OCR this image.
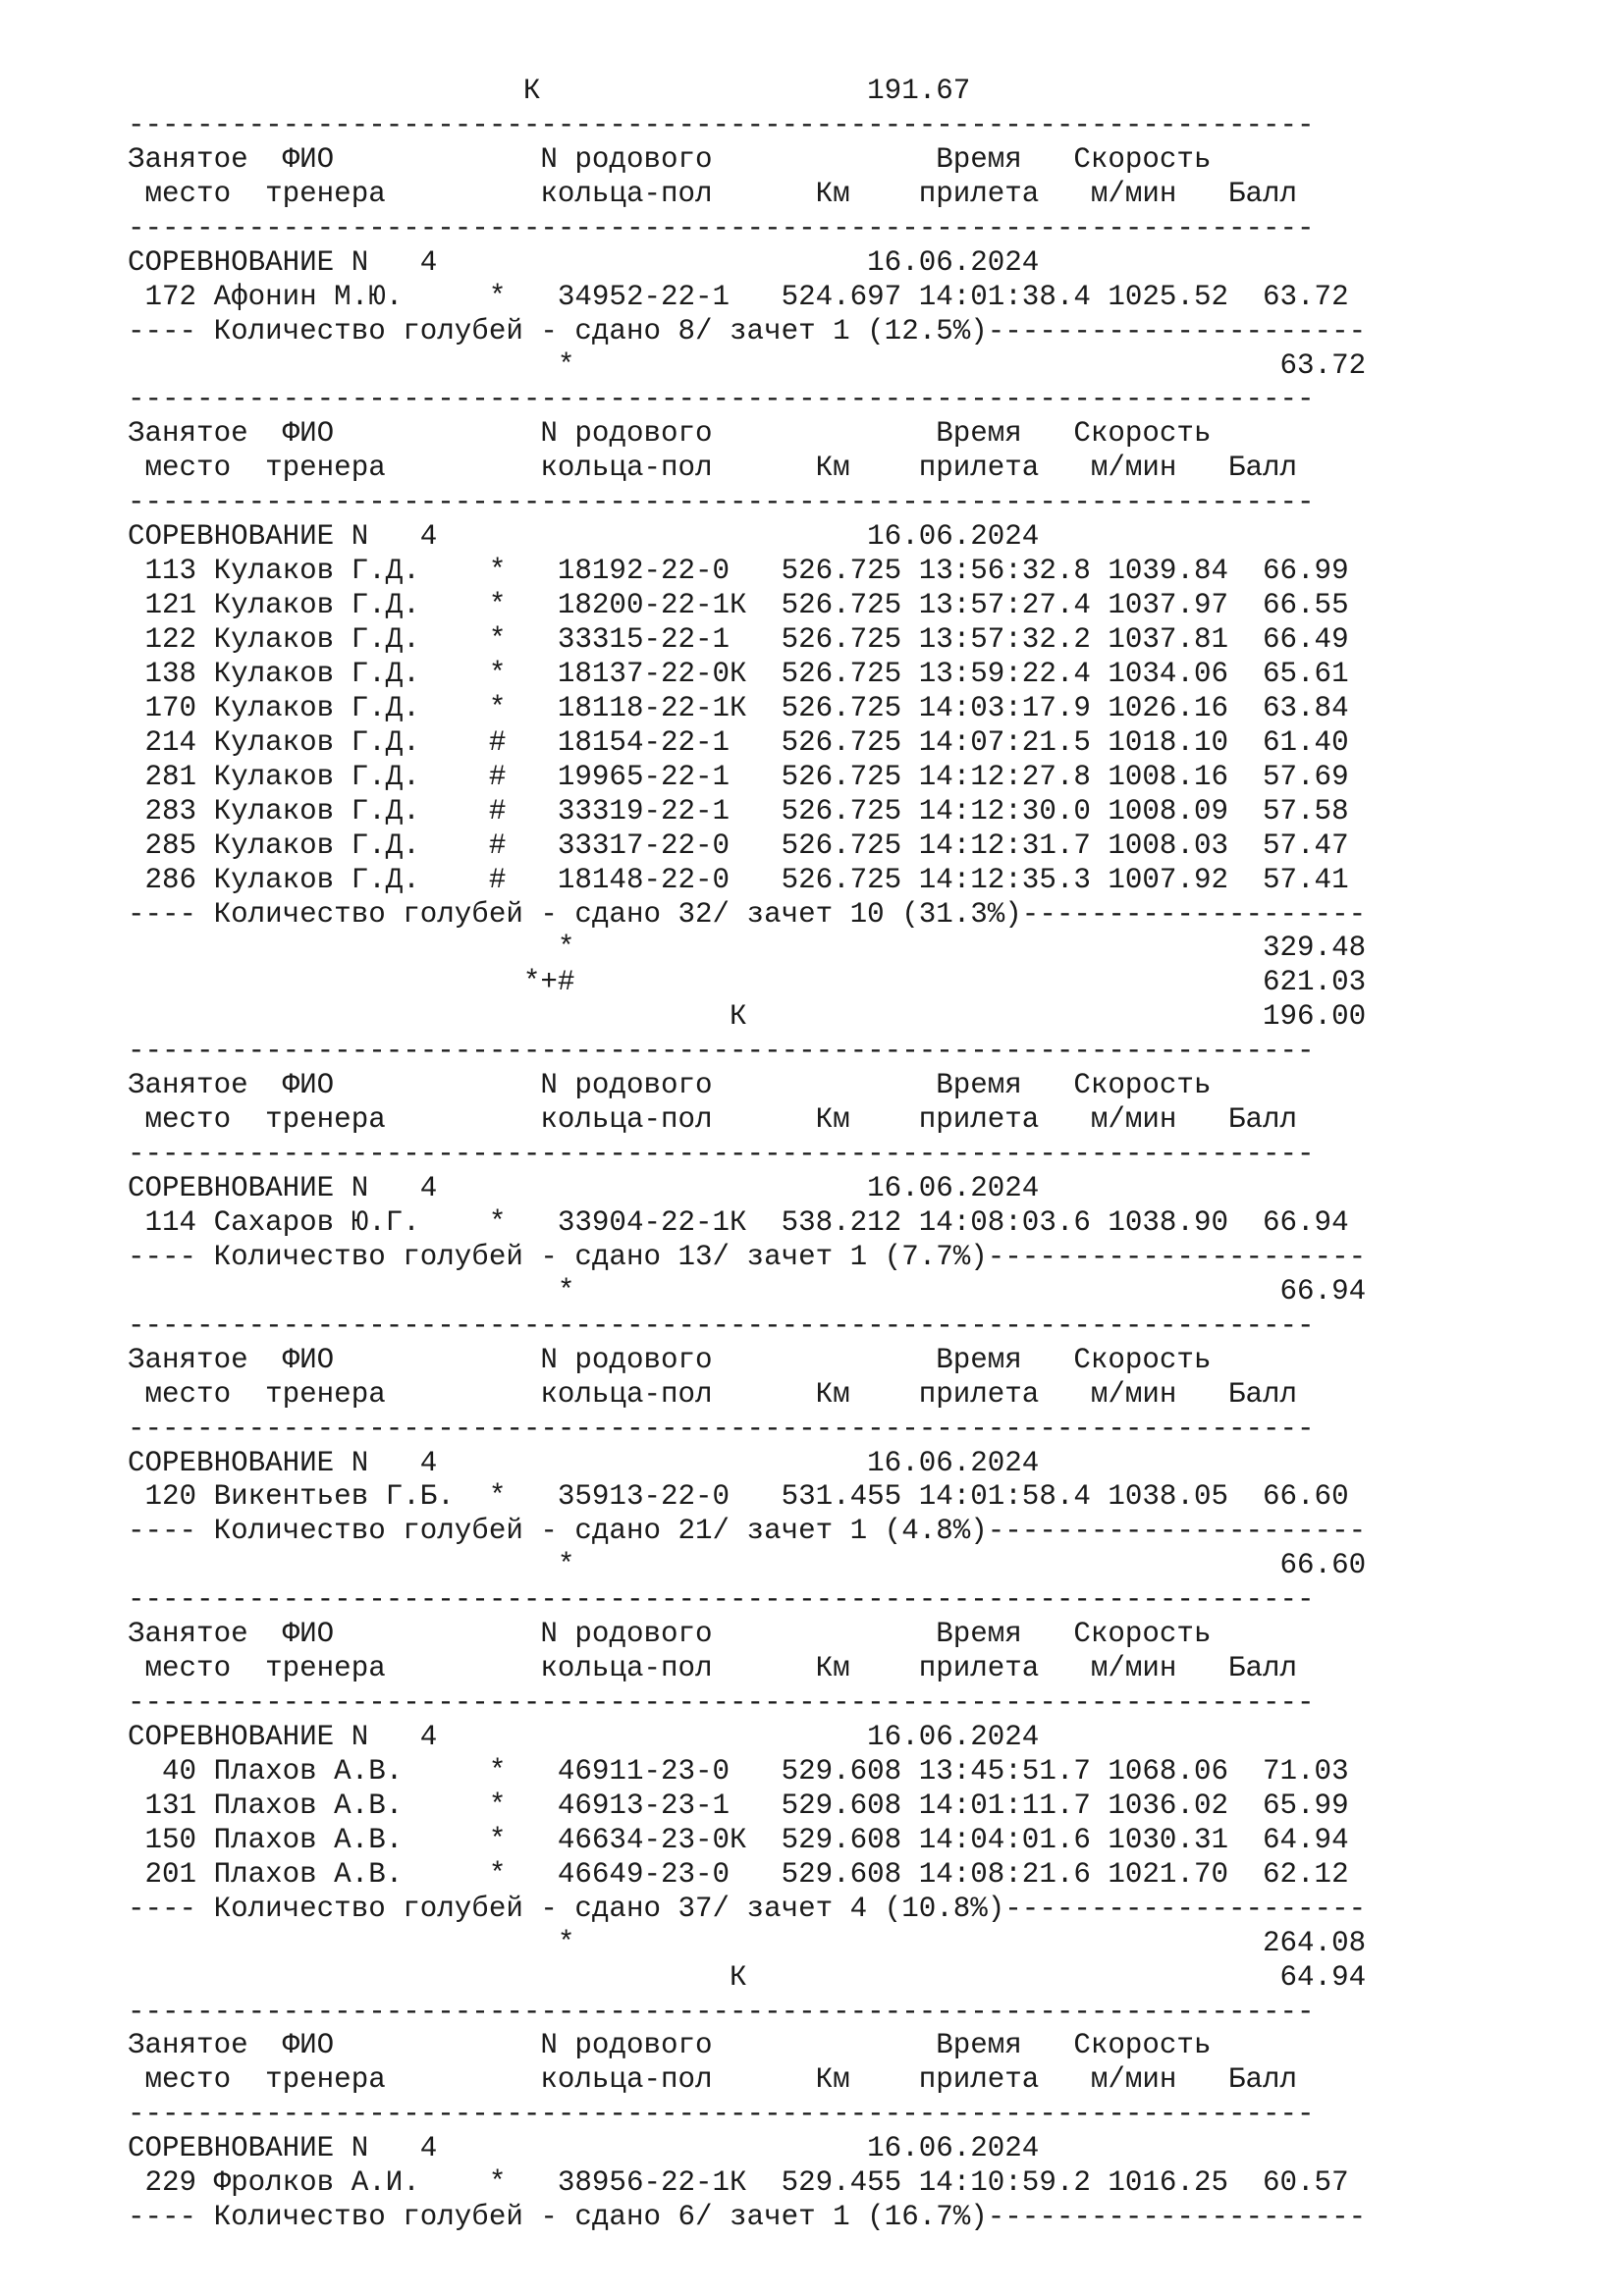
К                   191.67
---------------------------------------------------------------------
Занятое  ФИО            N родового             Время   Скорость
место  тренера         кольца-пол      Км    прилета   м/мин   Балл
---------------------------------------------------------------------
СОРЕВНОВАНИЕ N   4                         16.06.2024
172 Афонин М.Ю.     *   34952-22-1   524.697 14:01:38.4 1025.52  63.72
---- Количество голубей - сдано 8/ зачет 1 (12.5%)----------------------
*                                         63.72
---------------------------------------------------------------------
Занятое  ФИО            N родового             Время   Скорость
место  тренера         кольца-пол      Км    прилета   м/мин   Балл
---------------------------------------------------------------------
СОРЕВНОВАНИЕ N   4                         16.06.2024
113 Кулаков Г.Д.    *   18192-22-0   526.725 13:56:32.8 1039.84  66.99
121 Кулаков Г.Д.    *   18200-22-1К  526.725 13:57:27.4 1037.97  66.55
122 Кулаков Г.Д.    *   33315-22-1   526.725 13:57:32.2 1037.81  66.49
138 Кулаков Г.Д.    *   18137-22-0К  526.725 13:59:22.4 1034.06  65.61
170 Кулаков Г.Д.    *   18118-22-1К  526.725 14:03:17.9 1026.16  63.84
214 Кулаков Г.Д.    #   18154-22-1   526.725 14:07:21.5 1018.10  61.40
281 Кулаков Г.Д.    #   19965-22-1   526.725 14:12:27.8 1008.16  57.69
283 Кулаков Г.Д.    #   33319-22-1   526.725 14:12:30.0 1008.09  57.58
285 Кулаков Г.Д.    #   33317-22-0   526.725 14:12:31.7 1008.03  57.47
286 Кулаков Г.Д.    #   18148-22-0   526.725 14:12:35.3 1007.92  57.41
---- Количество голубей - сдано 32/ зачет 10 (31.3%)--------------------
*                                        329.48
*+#                                        621.03
К                              196.00
---------------------------------------------------------------------
Занятое  ФИО            N родового             Время   Скорость
место  тренера         кольца-пол      Км    прилета   м/мин   Балл
---------------------------------------------------------------------
СОРЕВНОВАНИЕ N   4                         16.06.2024
114 Сахаров Ю.Г.    *   33904-22-1К  538.212 14:08:03.6 1038.90  66.94
---- Количество голубей - сдано 13/ зачет 1 (7.7%)----------------------
*                                         66.94
---------------------------------------------------------------------
Занятое  ФИО            N родового             Время   Скорость
место  тренера         кольца-пол      Км    прилета   м/мин   Балл
---------------------------------------------------------------------
СОРЕВНОВАНИЕ N   4                         16.06.2024
120 Викентьев Г.Б.  *   35913-22-0   531.455 14:01:58.4 1038.05  66.60
---- Количество голубей - сдано 21/ зачет 1 (4.8%)----------------------
*                                         66.60
---------------------------------------------------------------------
Занятое  ФИО            N родового             Время   Скорость
место  тренера         кольца-пол      Км    прилета   м/мин   Балл
---------------------------------------------------------------------
СОРЕВНОВАНИЕ N   4                         16.06.2024
40 Плахов А.В.     *   46911-23-0   529.608 13:45:51.7 1068.06  71.03
131 Плахов А.В.     *   46913-23-1   529.608 14:01:11.7 1036.02  65.99
150 Плахов А.В.     *   46634-23-0К  529.608 14:04:01.6 1030.31  64.94
201 Плахов А.В.     *   46649-23-0   529.608 14:08:21.6 1021.70  62.12
---- Количество голубей - сдано 37/ зачет 4 (10.8%)---------------------
*                                        264.08
К                               64.94
---------------------------------------------------------------------
Занятое  ФИО            N родового             Время   Скорость
место  тренера         кольца-пол      Км    прилета   м/мин   Балл
---------------------------------------------------------------------
СОРЕВНОВАНИЕ N   4                         16.06.2024
229 Фролков А.И.    *   38956-22-1К  529.455 14:10:59.2 1016.25  60.57
---- Количество голубей - сдано 6/ зачет 1 (16.7%)----------------------
